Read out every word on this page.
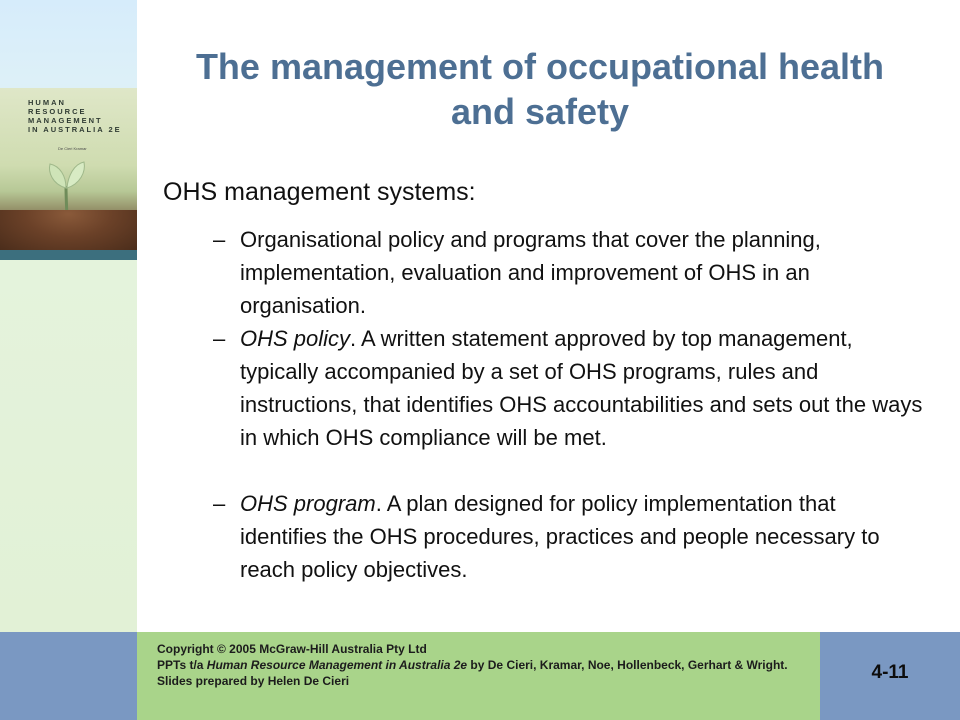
HUMAN
RESOURCE
MANAGEMENT
IN AUSTRALIA 2E
De Cieri Kramar
The management of occupational health and safety
OHS management systems:
– Organisational policy and programs that cover the planning, implementation, evaluation and improvement of OHS in an organisation.
– OHS policy. A written statement approved by top management, typically accompanied by a set of OHS programs, rules and instructions, that identifies OHS accountabilities and sets out the ways in which OHS compliance will be met.
– OHS program. A plan designed for policy implementation that identifies the OHS procedures, practices and people necessary to reach policy objectives.
Copyright © 2005 McGraw-Hill Australia Pty Ltd
PPTs t/a Human Resource Management in Australia 2e by De Cieri, Kramar, Noe, Hollenbeck, Gerhart & Wright.
Slides prepared by Helen De Cieri	4-11
